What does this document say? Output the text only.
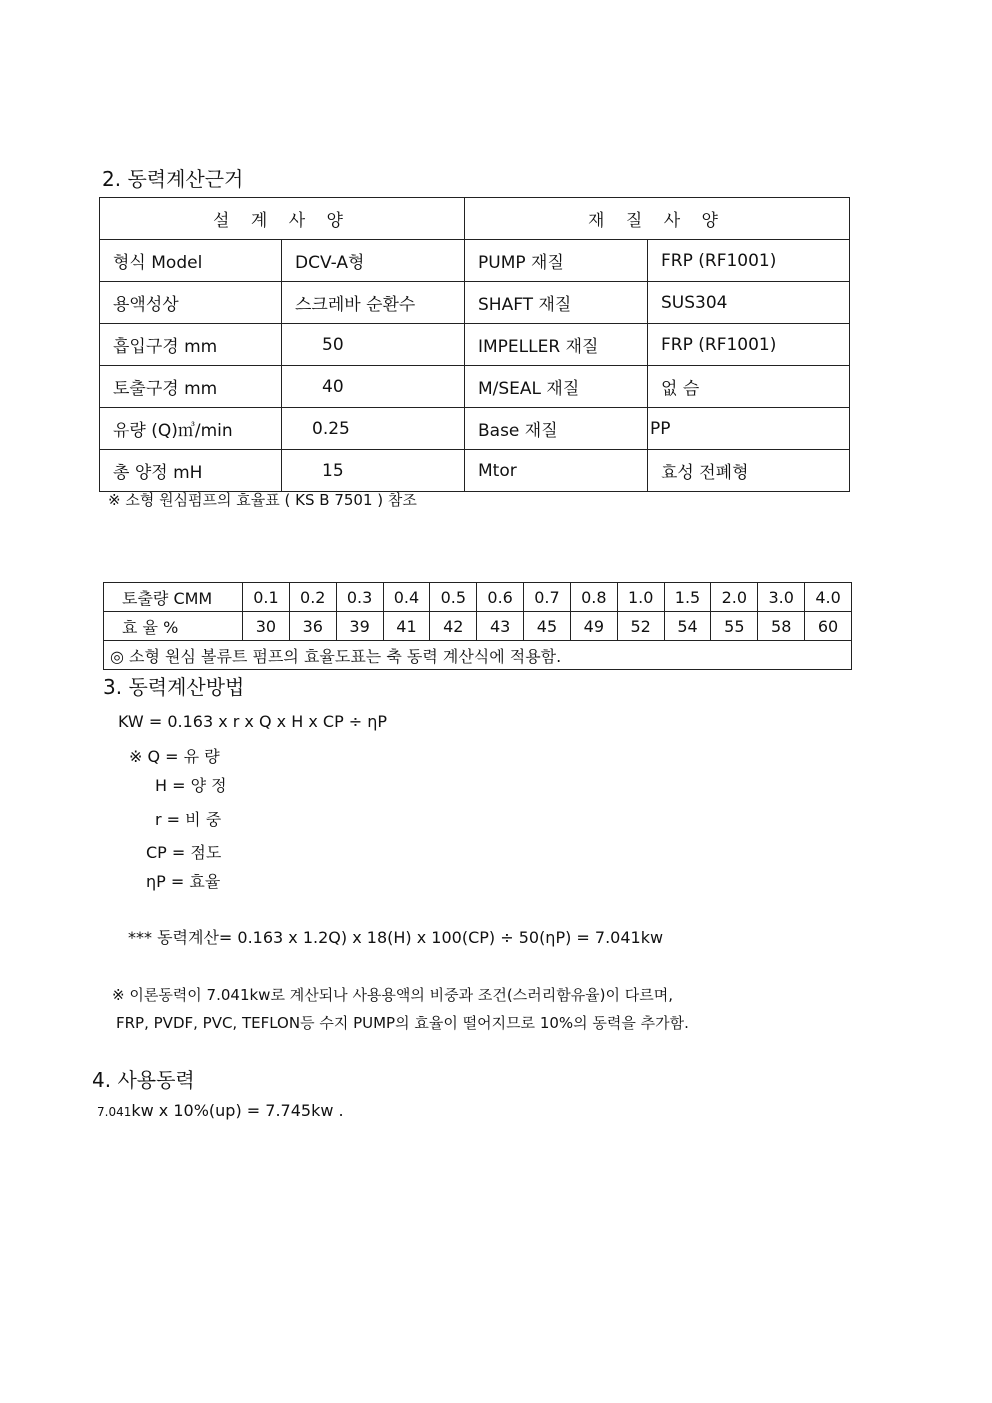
2. 동력계산근거
설 계 사 양		재 질 사 양	
형식 Model	DCV-A형	PUMP 재질	FRP (RF1001)
용액성상	스크레바 순환수	SHAFT 재질	SUS304
흡입구경 mm	50	IMPELLER 재질	FRP (RF1001)
토출구경 mm	40	M/SEAL 재질	없 슴
유량 (Q)㎥/min	0.25	Base 재질	PP
총 양정 mH	15	Mtor	효성 전폐형
※ 소형 원심펌프의 효율표 ( KS B 7501 ) 참조
토출량 CMM	0.1	0.2	0.3	0.4	0.5	0.6	0.7	0.8	1.0	1.5	2.0	3.0	4.0
효 율 %	30	36	39	41	42	43	45	49	52	54	55	58	60
◎ 소형 원심 볼류트 펌프의 효율도표는 축 동력 계산식에 적용함.													
3. 동력계산방법
KW = 0.163 x r x Q x H x CP ÷ ηP
※ Q = 유 량
H = 양 정
r = 비 중
CP = 점도
ηP = 효율
*** 동력계산= 0.163 x 1.2Q) x 18(H) x 100(CP) ÷ 50(ηP) = 7.041kw
※ 이론동력이 7.041kw로 계산되나 사용용액의 비중과 조건(스러리함유율)이 다르며,
FRP, PVDF, PVC, TEFLON등 수지 PUMP의 효율이 떨어지므로 10%의 동력을 추가함.
4. 사용동력
7.041kw x 10%(up) = 7.745kw .
